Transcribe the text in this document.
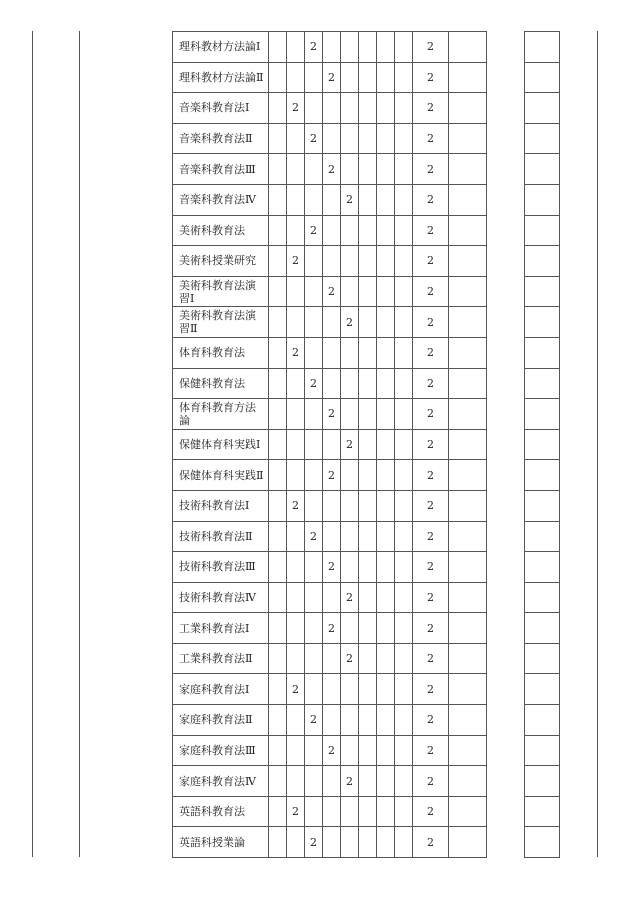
理科教材方法論Ⅰ			2						2			
理科教材方法論Ⅱ				2					2			
音楽科教育法Ⅰ		2							2			
音楽科教育法Ⅱ			2						2			
音楽科教育法Ⅲ				2					2			
音楽科教育法Ⅳ					2				2			
美術科教育法			2						2			
美術科授業研究		2							2			
美術科教育法演習Ⅰ				2					2			
美術科教育法演習Ⅱ					2				2			
体育科教育法		2							2			
保健科教育法			2						2			
体育科教育方法論				2					2			
保健体育科実践Ⅰ					2				2			
保健体育科実践Ⅱ				2					2			
技術科教育法Ⅰ		2							2			
技術科教育法Ⅱ			2						2			
技術科教育法Ⅲ				2					2			
技術科教育法Ⅳ					2				2			
工業科教育法Ⅰ				2					2			
工業科教育法Ⅱ					2				2			
家庭科教育法Ⅰ		2							2			
家庭科教育法Ⅱ			2						2			
家庭科教育法Ⅲ				2					2			
家庭科教育法Ⅳ					2				2			
英語科教育法		2							2			
英語科授業論			2						2			
